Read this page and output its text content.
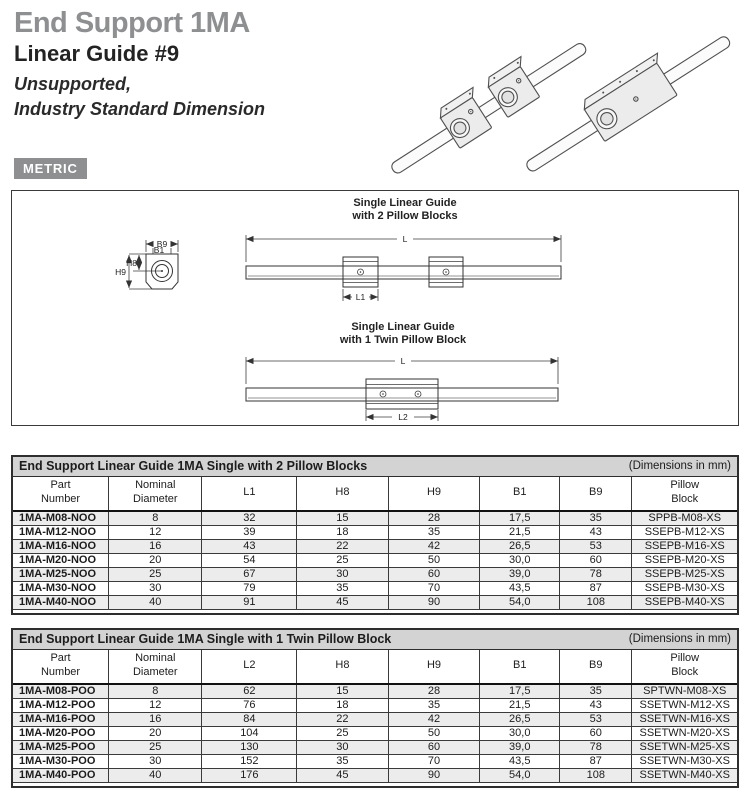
End Support 1MA
Linear Guide #9
Unsupported,
Industry Standard Dimension
METRIC
B9
B1
H8
H9
Single Linear Guide
with 2 Pillow Blocks
L
L1
Single Linear Guide
with 1 Twin Pillow Block
L
L2
End Support Linear Guide 1MA Single with 2 Pillow Blocks	(Dimensions in mm)
Part
Number	Nominal
Diameter	L1	H8	H9	B1	B9	Pillow
Block
1MA-M08-NOO	8	32	15	28	17,5	35	SPPB-M08-XS
1MA-M12-NOO	12	39	18	35	21,5	43	SSEPB-M12-XS
1MA-M16-NOO	16	43	22	42	26,5	53	SSEPB-M16-XS
1MA-M20-NOO	20	54	25	50	30,0	60	SSEPB-M20-XS
1MA-M25-NOO	25	67	30	60	39,0	78	SSEPB-M25-XS
1MA-M30-NOO	30	79	35	70	43,5	87	SSEPB-M30-XS
1MA-M40-NOO	40	91	45	90	54,0	108	SSEPB-M40-XS
End Support Linear Guide 1MA Single with 1 Twin Pillow Block	(Dimensions in mm)
Part
Number	Nominal
Diameter	L2	H8	H9	B1	B9	Pillow
Block
1MA-M08-POO	8	62	15	28	17,5	35	SPTWN-M08-XS
1MA-M12-POO	12	76	18	35	21,5	43	SSETWN-M12-XS
1MA-M16-POO	16	84	22	42	26,5	53	SSETWN-M16-XS
1MA-M20-POO	20	104	25	50	30,0	60	SSETWN-M20-XS
1MA-M25-POO	25	130	30	60	39,0	78	SSETWN-M25-XS
1MA-M30-POO	30	152	35	70	43,5	87	SSETWN-M30-XS
1MA-M40-POO	40	176	45	90	54,0	108	SSETWN-M40-XS
